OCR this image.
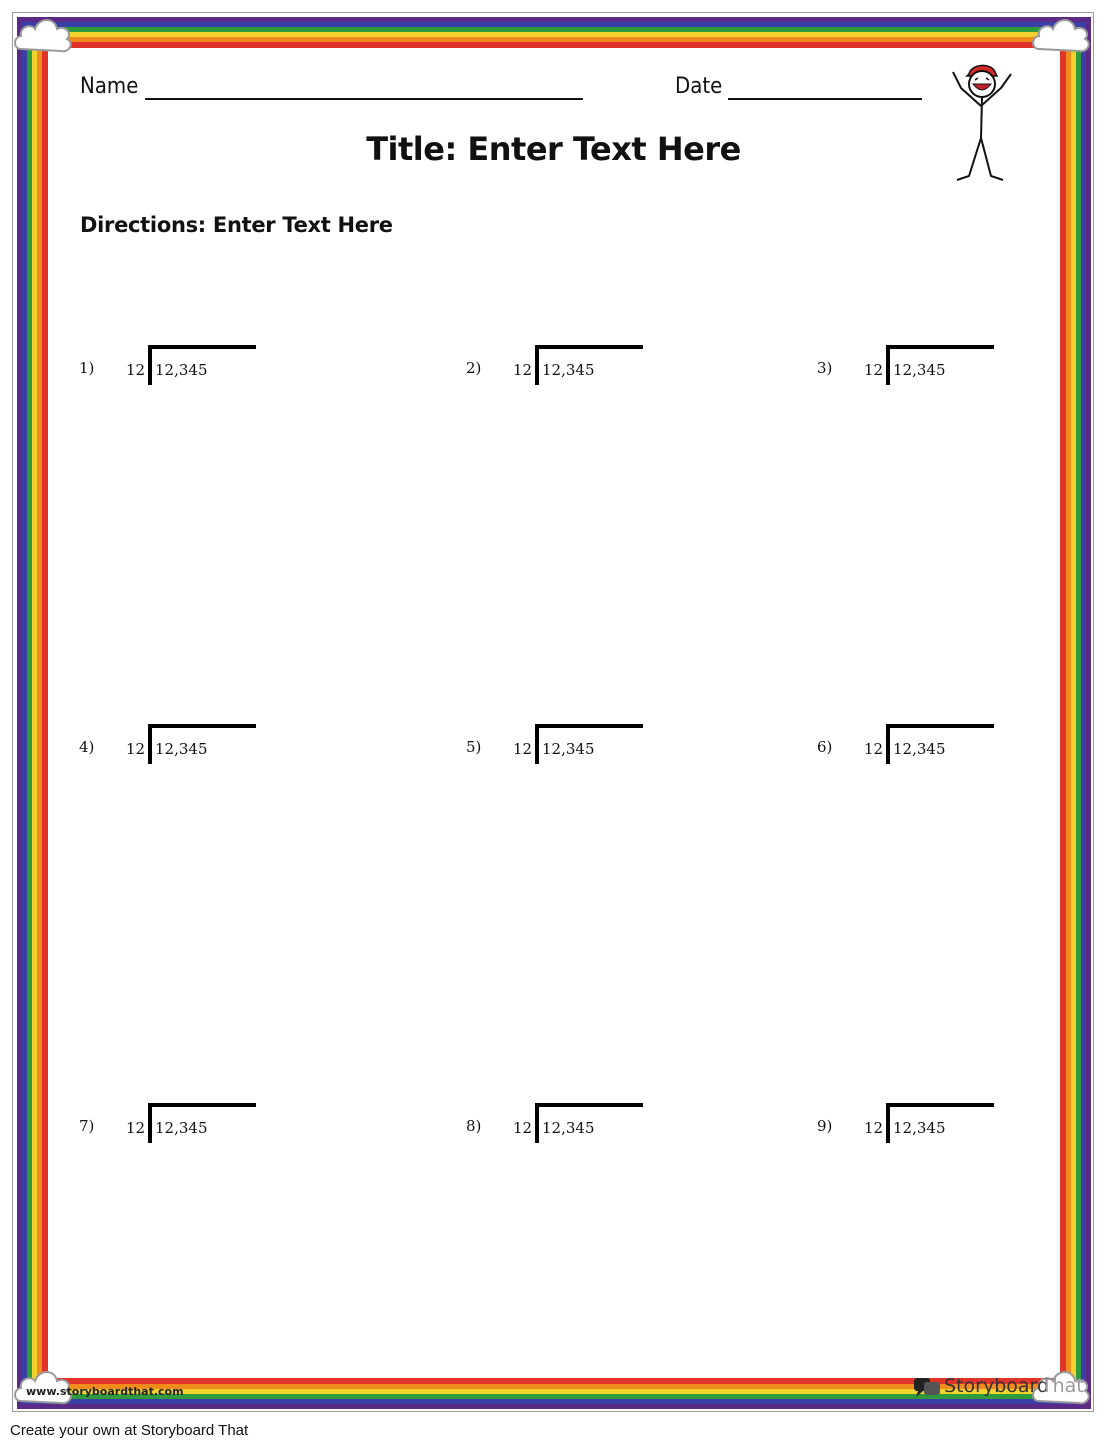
Name	Date
Title: Enter Text Here
Directions: Enter Text Here
1) 12 12,345	2) 12 12,345	3) 12 12,345
4) 12 12,345	5) 12 12,345	6) 12 12,345
7) 12 12,345	8) 12 12,345	9) 12 12,345
www.storyboardthat.com	Storyboard
That
Create your own at Storyboard That
